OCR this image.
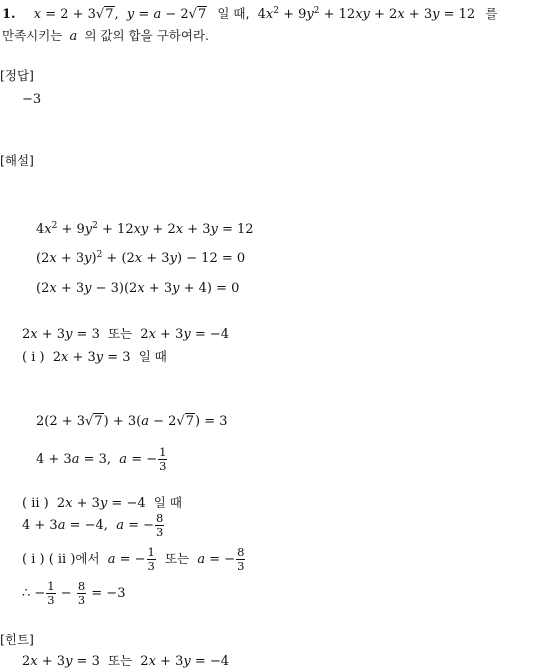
1. x = 2 + 3√7,  y = a − 2√7 일 때, $4x^2 + 9y^2 + 12xy + 2x + 3y = 12$ 를
만족시키는 a 의 값의 합을 구하여라.
[정답]
−3
[해설]
$4x^2 + 9y^2 + 12xy + 2x + 3y = 12$
$(2x + 3y)^2 + (2x + 3y) - 12 = 0$
(2x + 3y − 3)(2x + 3y + 4) = 0
2x + 3y = 3 또는 2x + 3y = −4
( i ) 2x + 3y = 3 일 때
2(2 + 3√7) + 3(a − 2√7) = 3
4 + 3a = 3,  a = − $\frac{1}{3}$
( ii ) 2x + 3y = −4 일 때
4 + 3a = −4,  a = − $\frac{8}{3}$
( i ) ( ii )에서 a = − $\frac{1}{3}$ 또는 a = − $\frac{8}{3}$
∴ − $\frac{1}{3} - \frac{8}{3} = -3$
[힌트]
2x + 3y = 3 또는 2x + 3y = −4
